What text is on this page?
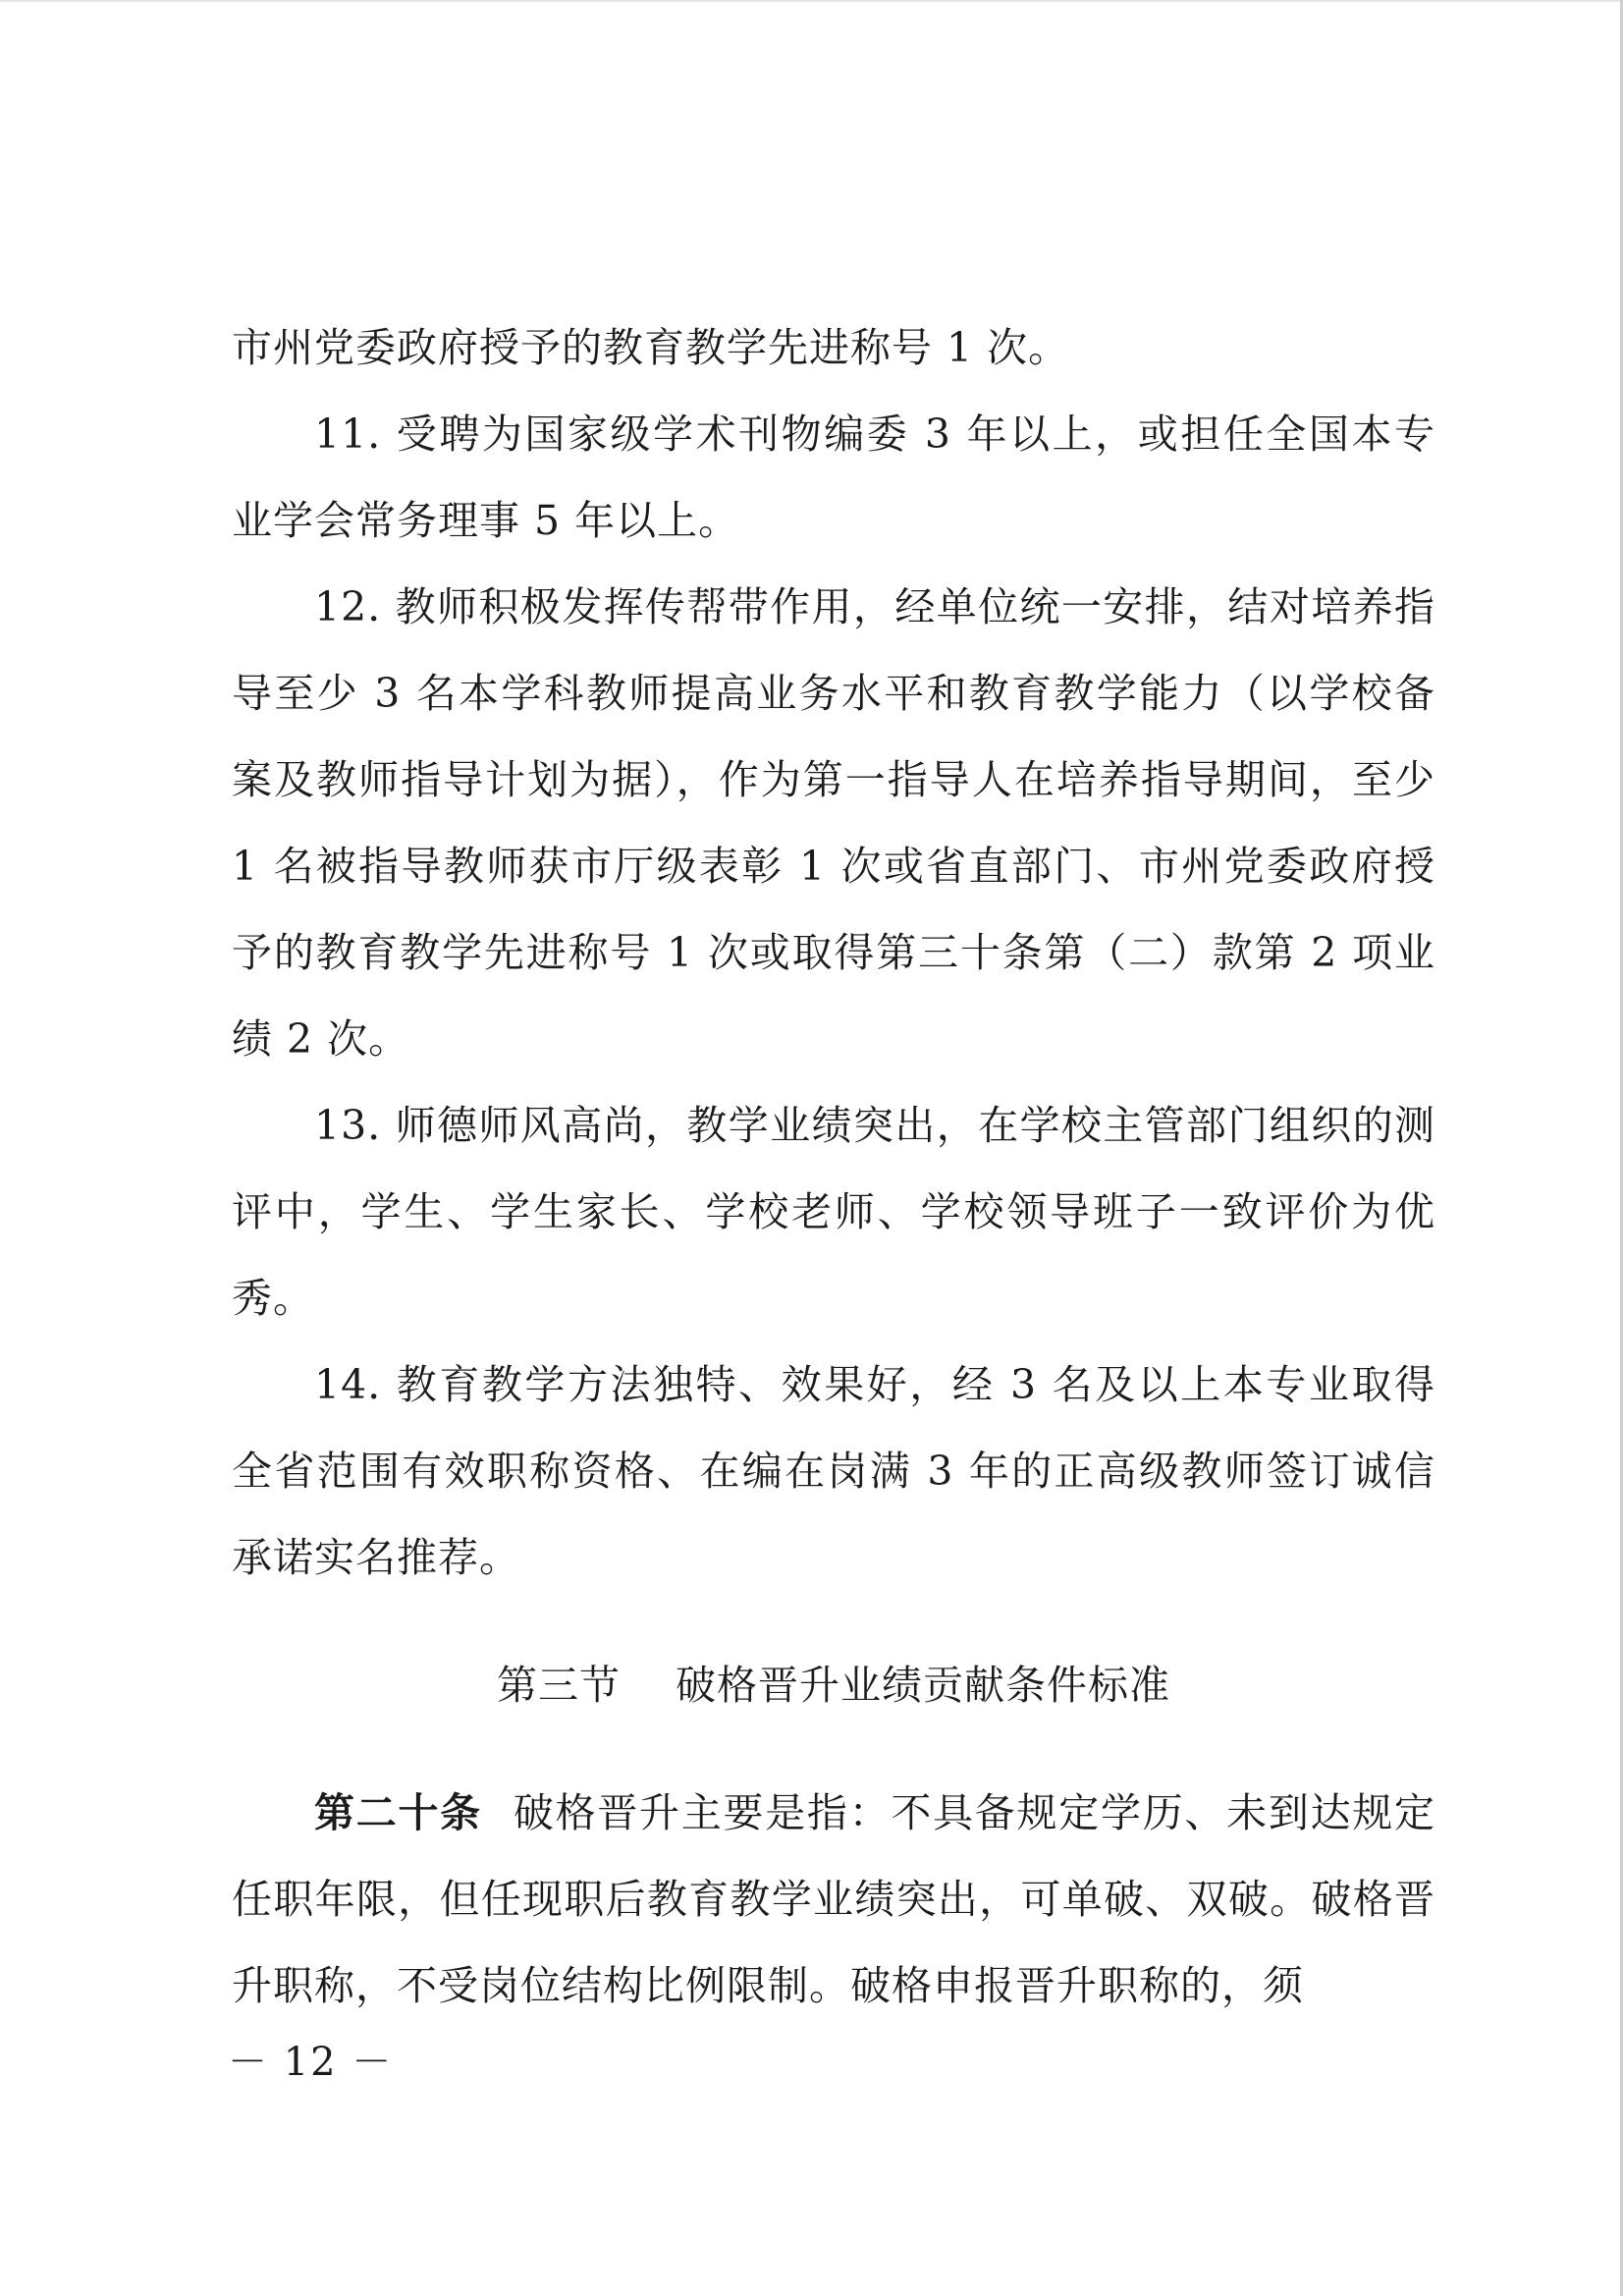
市州党委政府授予的教育教学先进称号 1 次。

11. 受聘为国家级学术刊物编委 3 年以上，或担任全国本专业学会常务理事 5 年以上。

12. 教师积极发挥传帮带作用，经单位统一安排，结对培养指导至少 3 名本学科教师提高业务水平和教育教学能力（以学校备案及教师指导计划为据），作为第一指导人在培养指导期间，至少 1 名被指导教师获市厅级表彰 1 次或省直部门、市州党委政府授予的教育教学先进称号 1 次或取得第三十条第（二）款第 2 项业绩 2 次。

13. 师德师风高尚，教学业绩突出，在学校主管部门组织的测评中，学生、学生家长、学校老师、学校领导班子一致评价为优秀。

14. 教育教学方法独特、效果好，经 3 名及以上本专业取得全省范围有效职称资格、在编在岗满 3 年的正高级教师签订诚信承诺实名推荐。

第三节 破格晋升业绩贡献条件标准

第二十条 破格晋升主要是指：不具备规定学历、未到达规定任职年限，但任现职后教育教学业绩突出，可单破、双破。破格晋升职称，不受岗位结构比例限制。破格申报晋升职称的，须

－ 12 －
